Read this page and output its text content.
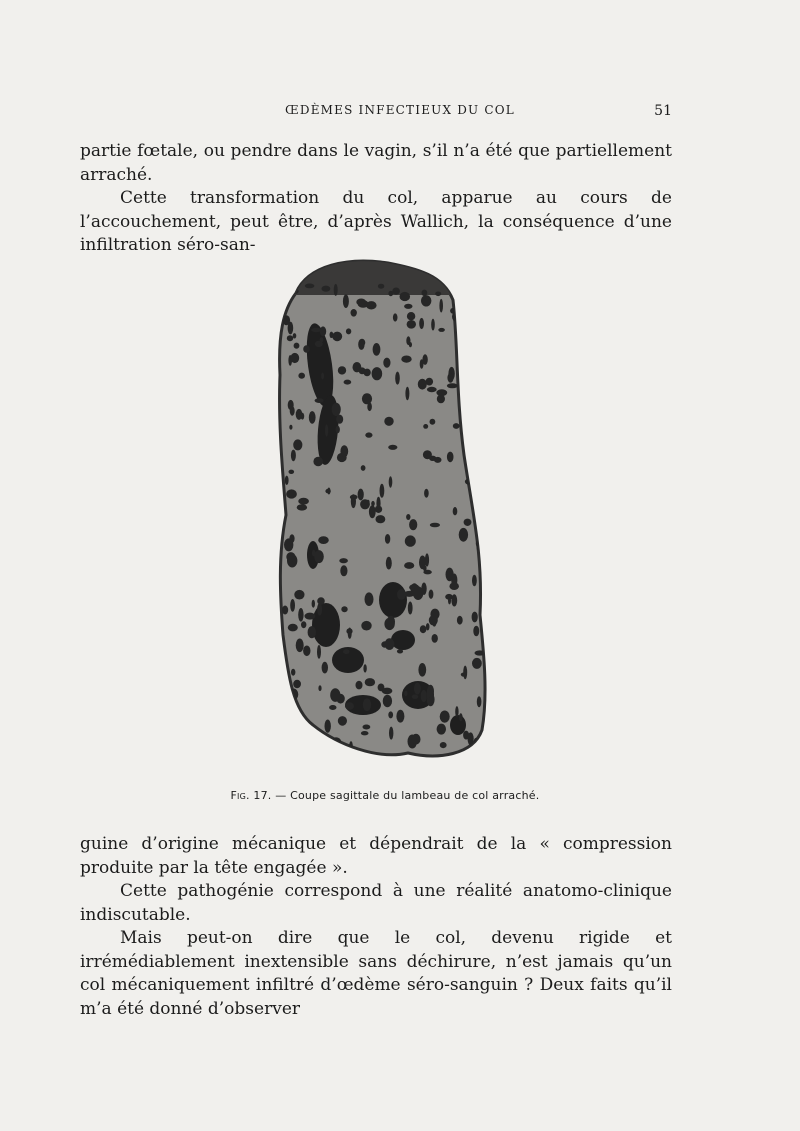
ŒDÈMES INFECTIEUX DU COL	51

partie fœtale, ou pendre dans le vagin, s’il n’a été que partiellement arraché.

Cette transformation du col, apparue au cours de l’accouchement, peut être, d’après Wallich, la conséquence d’une infiltration séro-san-

Fig. 17. — Coupe sagittale du lambeau de col arraché.

guine d’origine mécanique et dépendrait de la « compression produite par la tête engagée ».

Cette pathogénie correspond à une réalité anatomo-clinique indiscutable.

Mais peut-on dire que le col, devenu rigide et irrémédiablement inextensible sans déchirure, n’est jamais qu’un col mécaniquement infiltré d’œdème séro-sanguin ? Deux faits qu’il m’a été donné d’observer
